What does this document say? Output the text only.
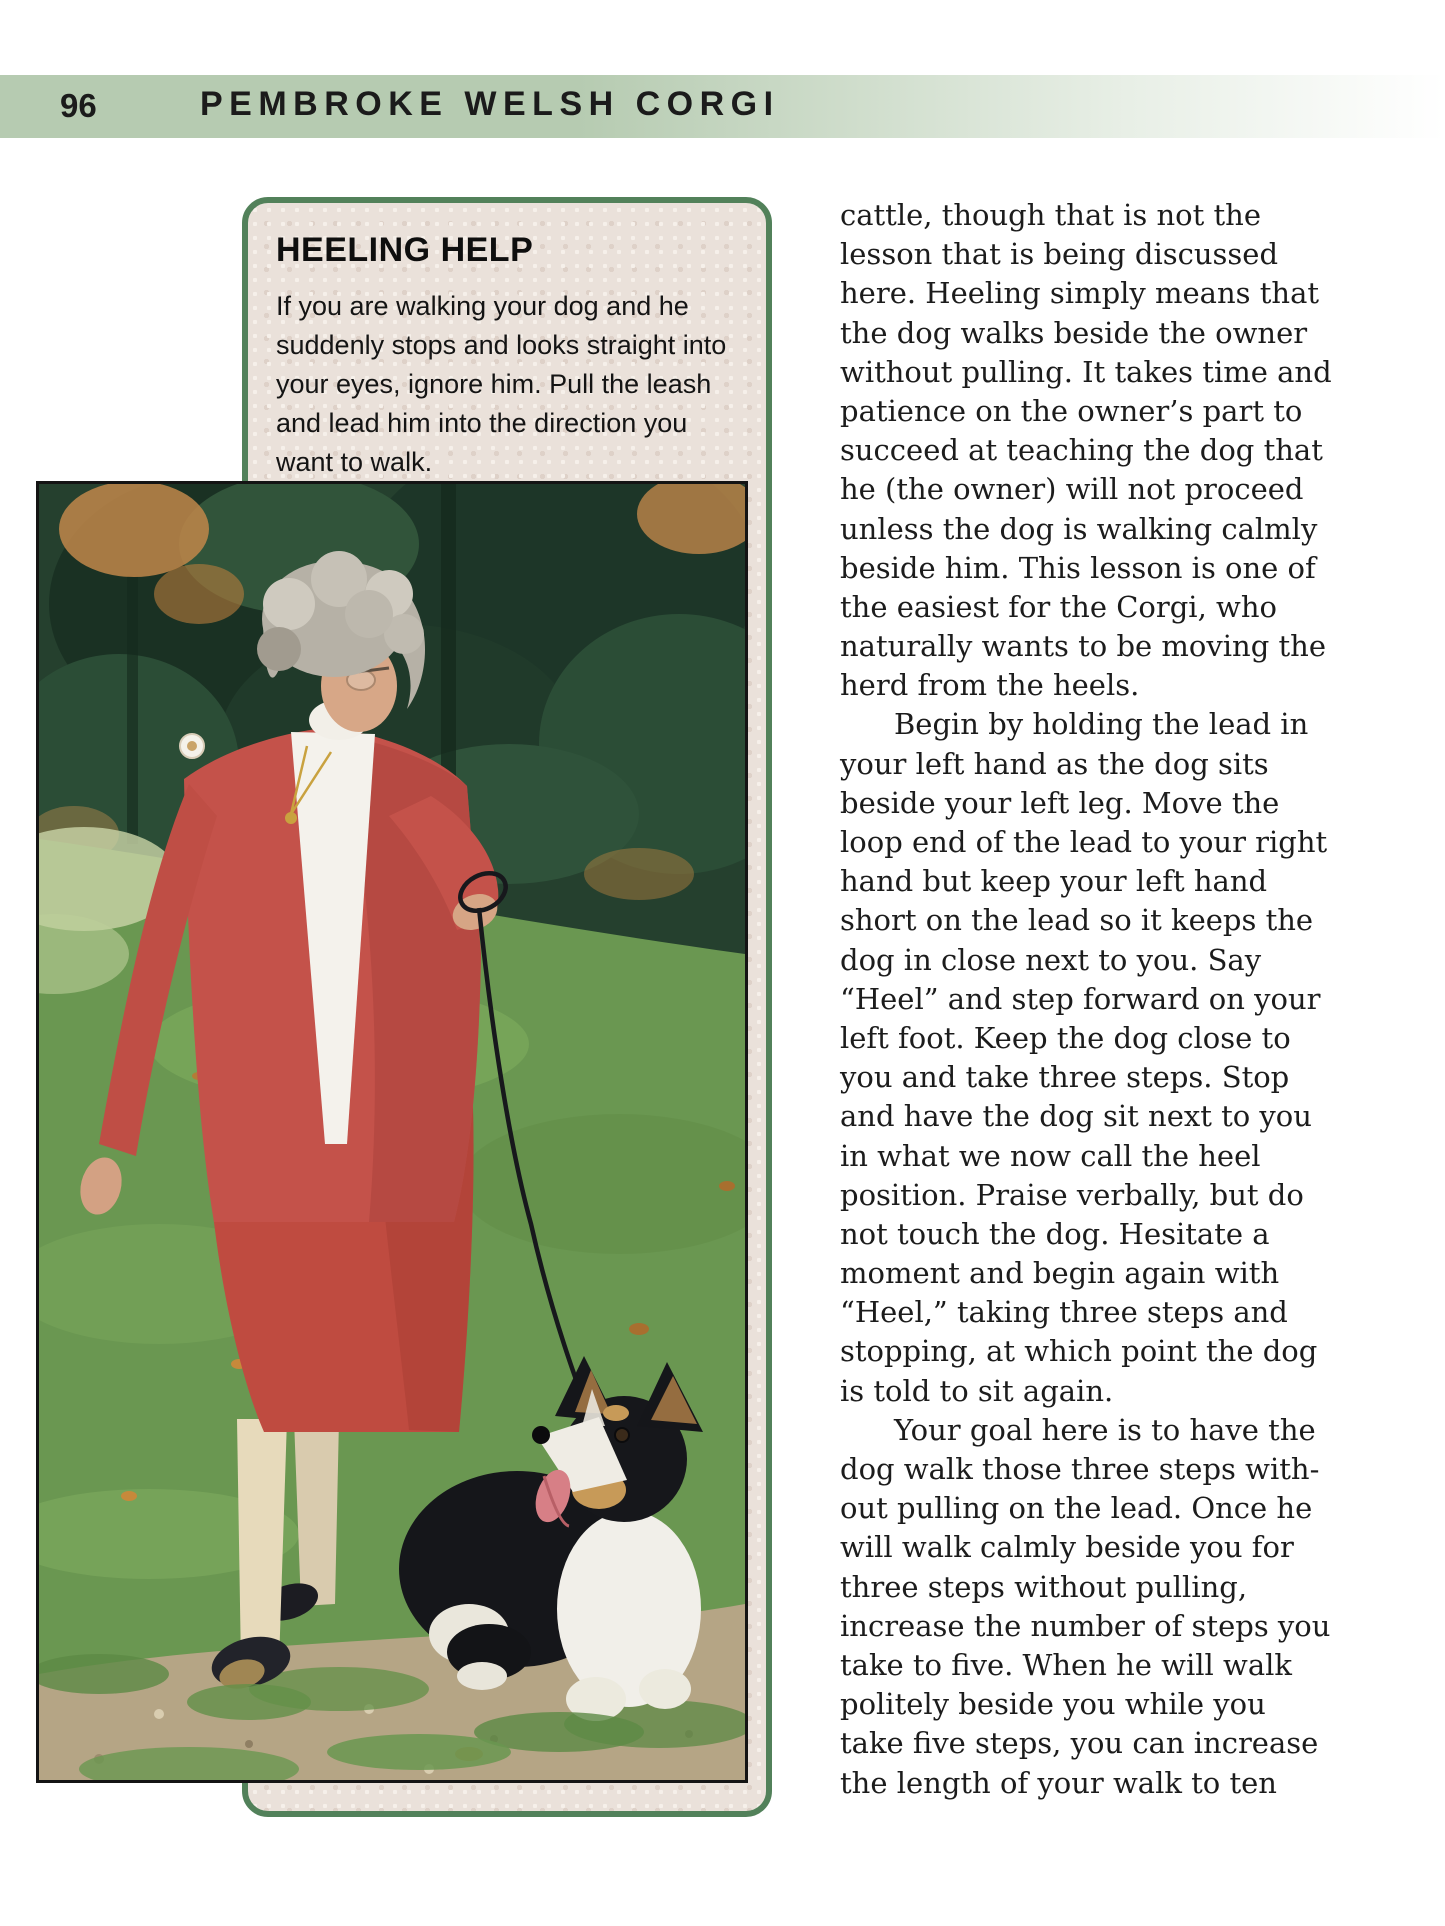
96	PEMBROKE WELSH CORGI
HEELING HELP
If you are walking your dog and he
suddenly stops and looks straight into
your eyes, ignore him. Pull the leash
and lead him into the direction you
want to walk.
cattle, though that is not the
lesson that is being discussed
here. Heeling simply means that
the dog walks beside the owner
without pulling. It takes time and
patience on the owner’s part to
succeed at teaching the dog that
he (the owner) will not proceed
unless the dog is walking calmly
beside him. This lesson is one of
the easiest for the Corgi, who
naturally wants to be moving the
herd from the heels.
Begin by holding the lead in
your left hand as the dog sits
beside your left leg. Move the
loop end of the lead to your right
hand but keep your left hand
short on the lead so it keeps the
dog in close next to you. Say
“Heel” and step forward on your
left foot. Keep the dog close to
you and take three steps. Stop
and have the dog sit next to you
in what we now call the heel
position. Praise verbally, but do
not touch the dog. Hesitate a
moment and begin again with
“Heel,” taking three steps and
stopping, at which point the dog
is told to sit again.
Your goal here is to have the
dog walk those three steps with-
out pulling on the lead. Once he
will walk calmly beside you for
three steps without pulling,
increase the number of steps you
take to five. When he will walk
politely beside you while you
take five steps, you can increase
the length of your walk to ten
